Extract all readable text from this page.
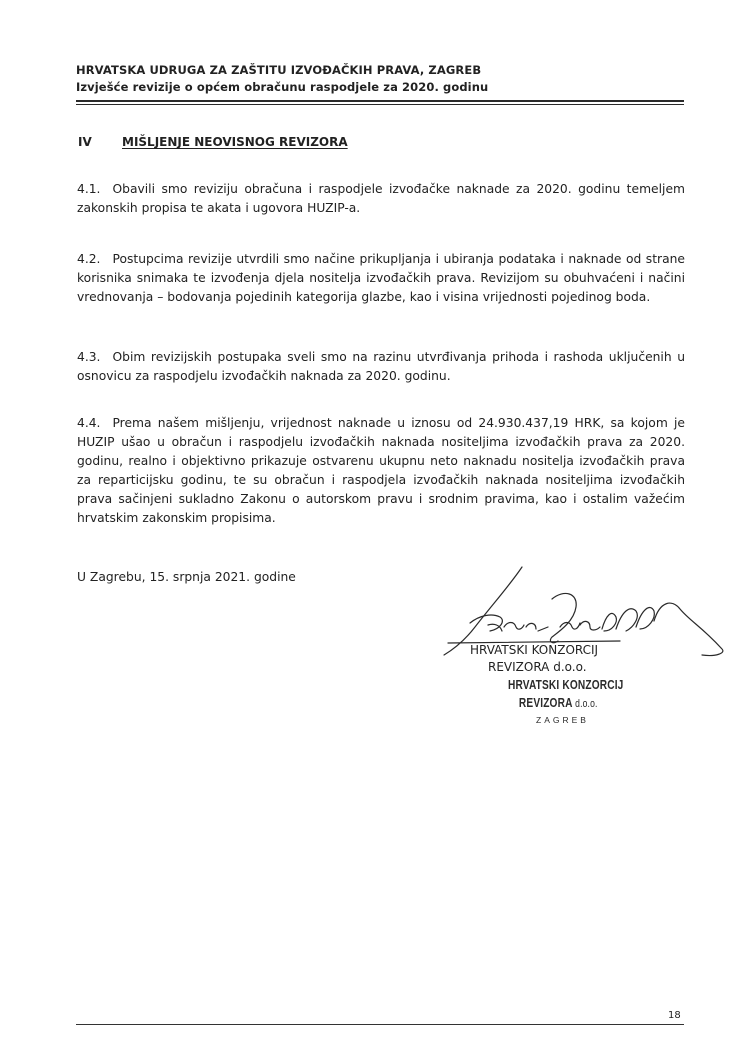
HRVATSKA UDRUGA ZA ZAŠTITU IZVOĐAČKIH PRAVA, ZAGREB
Izvješće revizije o općem obračunu raspodjele za 2020. godinu
IV	MIŠLJENJE NEOVISNOG REVIZORA
4.1. Obavili smo reviziju obračuna i raspodjele izvođačke naknade za 2020. godinu temeljem zakonskih propisa te akata i ugovora HUZIP-a.
4.2. Postupcima revizije utvrdili smo načine prikupljanja i ubiranja podataka i naknade od strane korisnika snimaka te izvođenja djela nositelja izvođačkih prava. Revizijom su obuhvaćeni i načini vrednovanja – bodovanja pojedinih kategorija glazbe, kao i visina vrijednosti pojedinog boda.
4.3. Obim revizijskih postupaka sveli smo na razinu utvrđivanja prihoda i rashoda uključenih u osnovicu za raspodjelu izvođačkih naknada za 2020. godinu.
4.4. Prema našem mišljenju, vrijednost naknade u iznosu od 24.930.437,19 HRK, sa kojom je HUZIP ušao u obračun i raspodjelu izvođačkih naknada nositeljima izvođačkih prava za 2020. godinu, realno i objektivno prikazuje ostvarenu ukupnu neto naknadu nositelja izvođačkih prava za reparticijsku godinu, te su obračun i raspodjela izvođačkih naknada nositeljima izvođačkih prava sačinjeni sukladno Zakonu o autorskom pravu i srodnim pravima, kao i ostalim važećim hrvatskim zakonskim propisima.
U Zagrebu, 15. srpnja 2021. godine
HRVATSKI KONZORCIJ
REVIZORA d.o.o.
HRVATSKI KONZORCIJ
REVIZORA d.o.o.
ZAGREB
18
